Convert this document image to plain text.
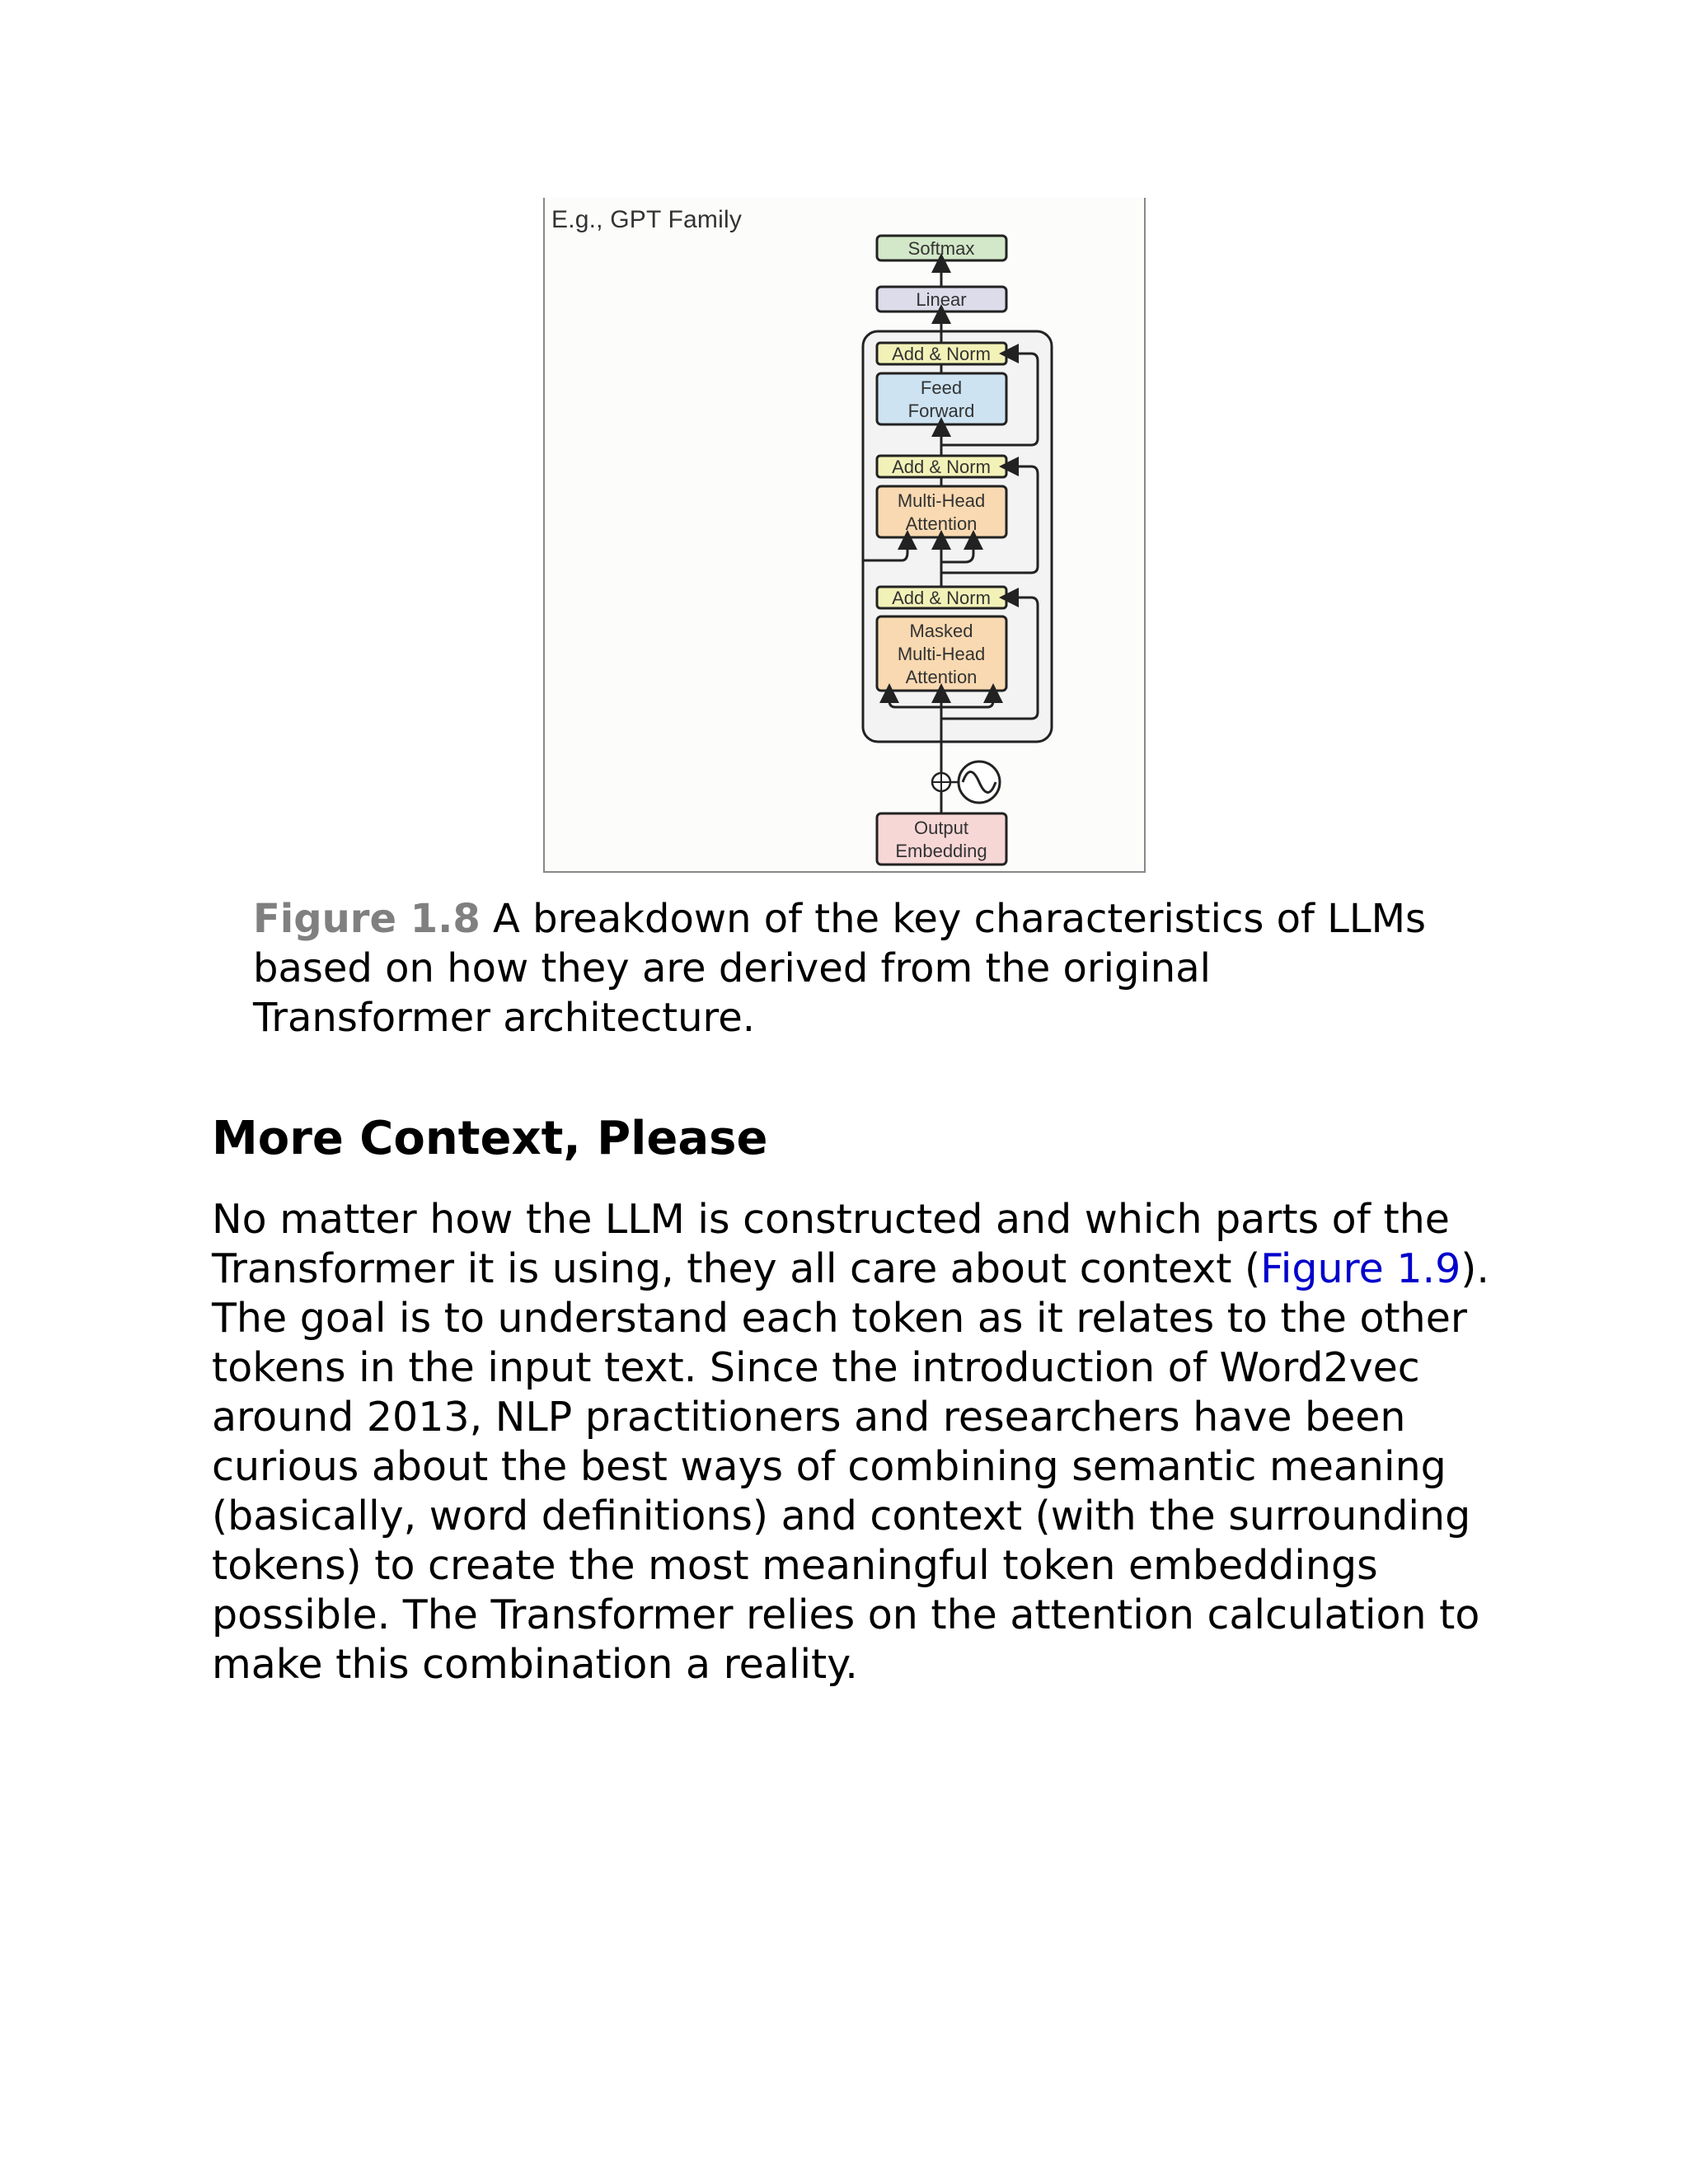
E.g., GPT Family
Softmax
Linear
Add & Norm
Feed
Forward
Add & Norm
Multi-Head
Attention
Add & Norm
Masked
Multi-Head
Attention
Output
Embedding

Figure 1.8 A breakdown of the key characteristics of LLMs based on how they are derived from the original Transformer architecture.

More Context, Please

No matter how the LLM is constructed and which parts of the Transformer it is using, they all care about context (Figure 1.9). The goal is to understand each token as it relates to the other tokens in the input text. Since the introduction of Word2vec around 2013, NLP practitioners and researchers have been curious about the best ways of combining semantic meaning (basically, word definitions) and context (with the surrounding tokens) to create the most meaningful token embeddings possible. The Transformer relies on the attention calculation to make this combination a reality.
